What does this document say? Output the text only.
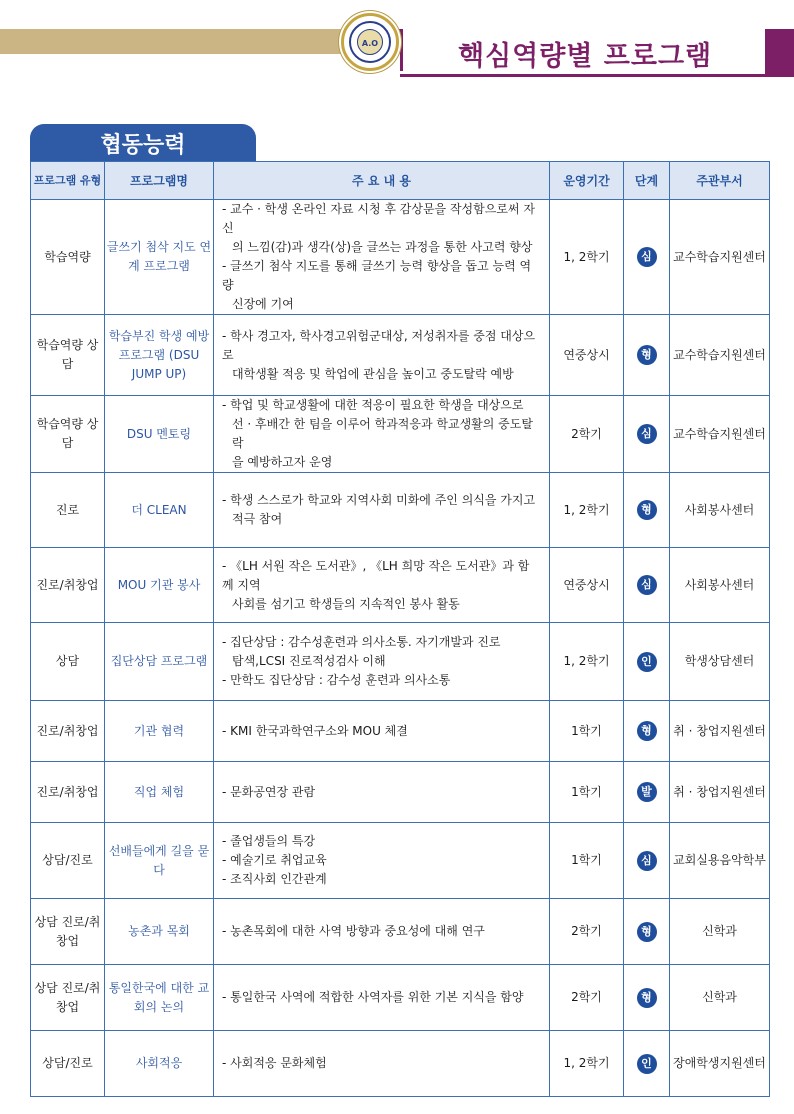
핵심역량별 프로그램
A.O
협동능력
프로그램 유형	프로그램명	주 요 내 용	운영기간	단계	주관부서
학습역량	글쓰기 첨삭 지도 연계 프로그램	- 교수 · 학생 온라인 자료 시청 후 감상문을 작성함으로써 자신
의 느낌(감)과 생각(상)을 글쓰는 과정을 통한 사고력 향상
- 글쓰기 첨삭 지도를 통해 글쓰기 능력 향상을 돕고 능력 역량
신장에 기여	1, 2학기	심	교수학습지원센터
학습역량 상담	학습부진 학생 예방 프로그램 (DSU JUMP UP)	- 학사 경고자, 학사경고위험군대상, 저성취자를 중점 대상으로
대학생활 적응 및 학업에 관심을 높이고 중도탈락 예방	연중상시	형	교수학습지원센터
학습역량 상담	DSU 멘토링	- 학업 및 학교생활에 대한 적응이 필요한 학생을 대상으로
선 · 후배간 한 팀을 이루어 학과적응과 학교생활의 중도탈락
을 예방하고자 운영	2학기	심	교수학습지원센터
진로	더 CLEAN	- 학생 스스로가 학교와 지역사회 미화에 주인 의식을 가지고
적극 참여	1, 2학기	형	사회봉사센터
진로/취창업	MOU 기관 봉사	- 《LH 서원 작은 도서관》, 《LH 희망 작은 도서관》과 함께 지역
사회를 섬기고 학생들의 지속적인 봉사 활동	연중상시	심	사회봉사센터
상담	집단상담 프로그램	- 집단상담 : 감수성훈련과 의사소통. 자기개발과 진로
탐색,LCSI 진로적성검사 이해
- 만학도 집단상담 : 감수성 훈련과 의사소통	1, 2학기	인	학생상담센터
진로/취창업	기관 협력	- KMI 한국과학연구소와 MOU 체결	1학기	형	취 · 창업지원센터
진로/취창업	직업 체험	- 문화공연장 관람	1학기	발	취 · 창업지원센터
상담/진로	선배들에게 길을 묻다	- 졸업생들의 특강
- 예술기로 취업교육
- 조직사회 인간관계	1학기	심	교회실용음악학부
상담 진로/취창업	농촌과 목회	- 농촌목회에 대한 사역 방향과 중요성에 대해 연구	2학기	형	신학과
상담 진로/취창업	통일한국에 대한 교회의 논의	- 통일한국 사역에 적합한 사역자를 위한 기본 지식을 함양	2학기	형	신학과
상담/진로	사회적응	- 사회적응 문화체험	1, 2학기	인	장애학생지원센터
